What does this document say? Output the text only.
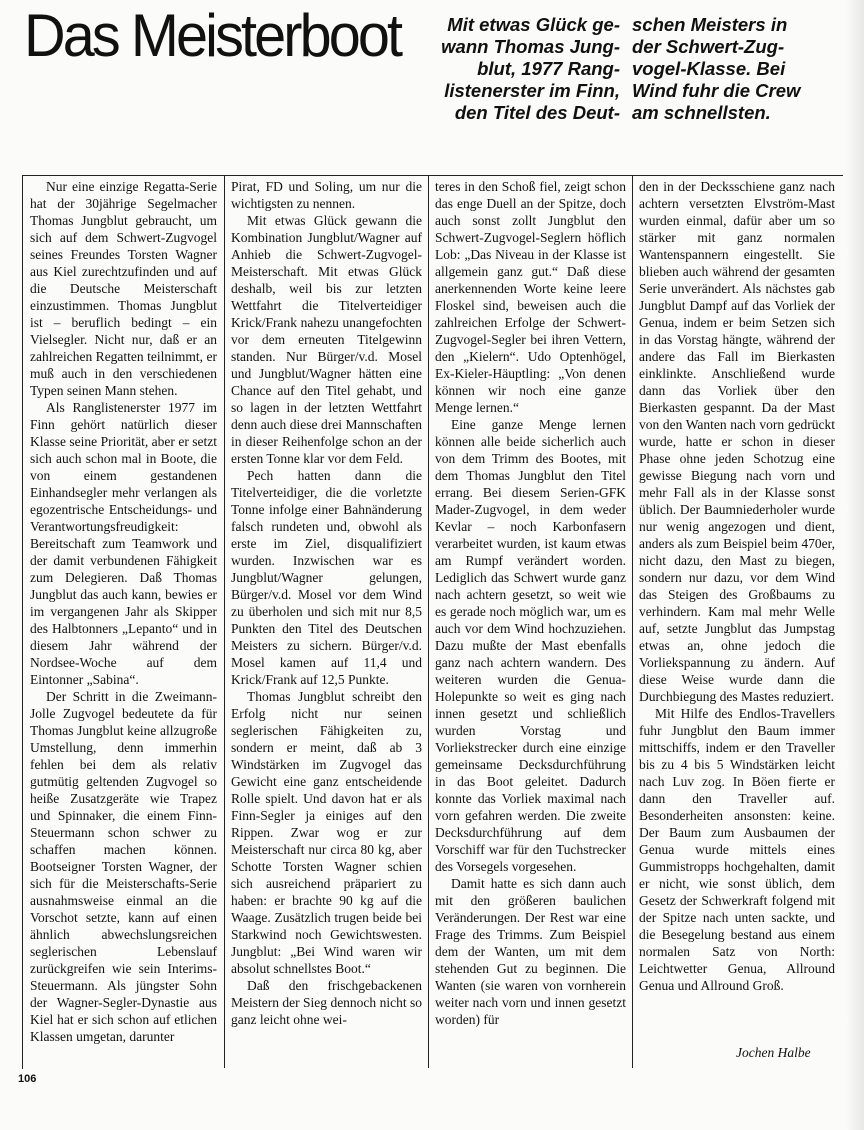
Das Meisterboot	Mit etwas Glück ge-
wann Thomas Jung-
blut, 1977 Rang-
listenerster im Finn,
den Titel des Deut-

schen Meisters in
der Schwert-Zug-
vogel-Klasse. Bei
Wind fuhr die Crew
am schnellsten.

Nur eine einzige Regatta-Serie hat der 30jährige Segelmacher Thomas Jungblut gebraucht, um sich auf dem Schwert-Zugvogel seines Freundes Torsten Wagner aus Kiel zurechtzufinden und auf die Deutsche Meisterschaft einzustimmen. Thomas Jungblut ist – beruflich bedingt – ein Vielsegler. Nicht nur, daß er an zahlreichen Regatten teilnimmt, er muß auch in den verschiedenen Typen seinen Mann stehen.

Als Ranglistenerster 1977 im Finn gehört natürlich dieser Klasse seine Priorität, aber er setzt sich auch schon mal in Boote, die von einem gestandenen Einhandsegler mehr verlangen als egozentrische Entscheidungs- und Verantwortungsfreudigkeit: Bereitschaft zum Teamwork und der damit verbundenen Fähigkeit zum Delegieren. Daß Thomas Jungblut das auch kann, bewies er im vergangenen Jahr als Skipper des Halbtonners „Lepanto“ und in diesem Jahr während der Nordsee-Woche auf dem Eintonner „Sabina“.

Der Schritt in die Zweimann-Jolle Zugvogel bedeutete da für Thomas Jungblut keine allzugroße Umstellung, denn immerhin fehlen bei dem als relativ gutmütig geltenden Zugvogel so heiße Zusatzgeräte wie Trapez und Spinnaker, die einem Finn-Steuermann schon schwer zu schaffen machen können. Bootseigner Torsten Wagner, der sich für die Meisterschafts-Serie ausnahmsweise einmal an die Vorschot setzte, kann auf einen ähnlich abwechslungsreichen seglerischen Lebenslauf zurückgreifen wie sein Interims-Steuermann. Als jüngster Sohn der Wagner-Segler-Dynastie aus Kiel hat er sich schon auf etlichen Klassen umgetan, darunter

Pirat, FD und Soling, um nur die wichtigsten zu nennen.

Mit etwas Glück gewann die Kombination Jungblut/Wagner auf Anhieb die Schwert-Zugvogel-Meisterschaft. Mit etwas Glück deshalb, weil bis zur letzten Wettfahrt die Titelverteidiger Krick/Frank nahezu unangefochten vor dem erneuten Titelgewinn standen. Nur Bürger/v.d. Mosel und Jungblut/Wagner hätten eine Chance auf den Titel gehabt, und so lagen in der letzten Wettfahrt denn auch diese drei Mannschaften in dieser Reihenfolge schon an der ersten Tonne klar vor dem Feld.

Pech hatten dann die Titelverteidiger, die die vorletzte Tonne infolge einer Bahnänderung falsch rundeten und, obwohl als erste im Ziel, disqualifiziert wurden. Inzwischen war es Jungblut/Wagner gelungen, Bürger/v.d. Mosel vor dem Wind zu überholen und sich mit nur 8,5 Punkten den Titel des Deutschen Meisters zu sichern. Bürger/v.d. Mosel kamen auf 11,4 und Krick/Frank auf 12,5 Punkte.

Thomas Jungblut schreibt den Erfolg nicht nur seinen seglerischen Fähigkeiten zu, sondern er meint, daß ab 3 Windstärken im Zugvogel das Gewicht eine ganz entscheidende Rolle spielt. Und davon hat er als Finn-Segler ja einiges auf den Rippen. Zwar wog er zur Meisterschaft nur circa 80 kg, aber Schotte Torsten Wagner schien sich ausreichend präpariert zu haben: er brachte 90 kg auf die Waage. Zusätzlich trugen beide bei Starkwind noch Gewichtswesten. Jungblut: „Bei Wind waren wir absolut schnellstes Boot.“

Daß den frischgebackenen Meistern der Sieg dennoch nicht so ganz leicht ohne wei-

teres in den Schoß fiel, zeigt schon das enge Duell an der Spitze, doch auch sonst zollt Jungblut den Schwert-Zugvogel-Seglern höflich Lob: „Das Niveau in der Klasse ist allgemein ganz gut.“ Daß diese anerkennenden Worte keine leere Floskel sind, beweisen auch die zahlreichen Erfolge der Schwert-Zugvogel-Segler bei ihren Vettern, den „Kielern“. Udo Optenhögel, Ex-Kieler-Häuptling: „Von denen können wir noch eine ganze Menge lernen.“

Eine ganze Menge lernen können alle beide sicherlich auch von dem Trimm des Bootes, mit dem Thomas Jungblut den Titel errang. Bei diesem Serien-GFK Mader-Zugvogel, in dem weder Kevlar – noch Karbonfasern verarbeitet wurden, ist kaum etwas am Rumpf verändert worden. Lediglich das Schwert wurde ganz nach achtern gesetzt, so weit wie es gerade noch möglich war, um es auch vor dem Wind hochzuziehen. Dazu mußte der Mast ebenfalls ganz nach achtern wandern. Des weiteren wurden die Genua-Holepunkte so weit es ging nach innen gesetzt und schließlich wurden Vorstag und Vorliekstrecker durch eine einzige gemeinsame Decksdurchführung in das Boot geleitet. Dadurch konnte das Vorliek maximal nach vorn gefahren werden. Die zweite Decksdurchführung auf dem Vorschiff war für den Tuchstrecker des Vorsegels vorgesehen.

Damit hatte es sich dann auch mit den größeren baulichen Veränderungen. Der Rest war eine Frage des Trimms. Zum Beispiel dem der Wanten, um mit dem stehenden Gut zu beginnen. Die Wanten (sie waren von vornherein weiter nach vorn und innen gesetzt worden) für

den in der Decksschiene ganz nach achtern versetzten Elvström-Mast wurden einmal, dafür aber um so stärker mit ganz normalen Wantenspannern eingestellt. Sie blieben auch während der gesamten Serie unverändert. Als nächstes gab Jungblut Dampf auf das Vorliek der Genua, indem er beim Setzen sich in das Vorstag hängte, während der andere das Fall im Bierkasten einklinkte. Anschließend wurde dann das Vorliek über den Bierkasten gespannt. Da der Mast von den Wanten nach vorn gedrückt wurde, hatte er schon in dieser Phase ohne jeden Schotzug eine gewisse Biegung nach vorn und mehr Fall als in der Klasse sonst üblich. Der Baumniederholer wurde nur wenig angezogen und dient, anders als zum Beispiel beim 470er, nicht dazu, den Mast zu biegen, sondern nur dazu, vor dem Wind das Steigen des Großbaums zu verhindern. Kam mal mehr Welle auf, setzte Jungblut das Jumpstag etwas an, ohne jedoch die Vorliekspannung zu ändern. Auf diese Weise wurde dann die Durchbiegung des Mastes reduziert.

Mit Hilfe des Endlos-Travellers fuhr Jungblut den Baum immer mittschiffs, indem er den Traveller bis zu 4 bis 5 Windstärken leicht nach Luv zog. In Böen fierte er dann den Traveller auf. Besonderheiten ansonsten: keine. Der Baum zum Ausbaumen der Genua wurde mittels eines Gummistropps hochgehalten, damit er nicht, wie sonst üblich, dem Gesetz der Schwerkraft folgend mit der Spitze nach unten sackte, und die Besegelung bestand aus einem normalen Satz von North: Leichtwetter Genua, Allround Genua und Allround Groß.

Jochen Halbe

106
